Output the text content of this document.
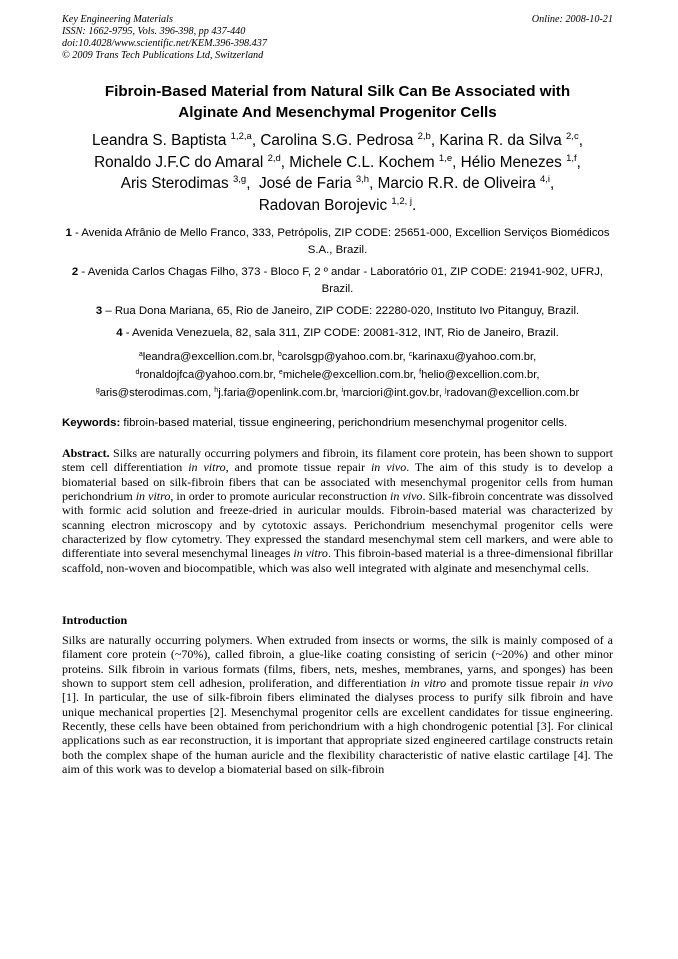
Key Engineering Materials
ISSN: 1662-9795, Vols. 396-398, pp 437-440
doi:10.4028/www.scientific.net/KEM.396-398.437
© 2009 Trans Tech Publications Ltd, Switzerland
Online: 2008-10-21
Fibroin-Based Material from Natural Silk Can Be Associated with
Alginate And Mesenchymal Progenitor Cells
Leandra S. Baptista $^{1,2,a}$, Carolina S.G. Pedrosa $^{2,b}$, Karina R. da Silva $^{2,c}$,
Ronaldo J.F.C do Amaral $^{2,d}$, Michele C.L. Kochem $^{1,e}$, Hélio Menezes $^{1,f}$,
Aris Sterodimas $^{3,g}$,  José de Faria $^{3,h}$, Marcio R.R. de Oliveira $^{4,i}$,
Radovan Borojevic $^{1,2, j}$.
1 - Avenida Afrânio de Mello Franco, 333, Petrópolis, ZIP CODE: 25651-000, Excellion Serviços Biomédicos S.A., Brazil.
2 - Avenida Carlos Chagas Filho, 373 - Bloco F, 2 º andar - Laboratório 01, ZIP CODE: 21941-902, UFRJ, Brazil.
3 – Rua Dona Mariana, 65, Rio de Janeiro, ZIP CODE: 22280-020, Instituto Ivo Pitanguy, Brazil.
4 - Avenida Venezuela, 82, sala 311, ZIP CODE: 20081-312, INT, Rio de Janeiro, Brazil.
$^a$leandra@excellion.com.br, $^b$carolsgp@yahoo.com.br, $^c$karinaxu@yahoo.com.br,
$^d$ronaldojfca@yahoo.com.br, $^e$michele@excellion.com.br, $^f$helio@excellion.com.br,
$^g$aris@sterodimas.com, $^h$j.faria@openlink.com.br, $^i$marciori@int.gov.br, $^j$radovan@excellion.com.br
Keywords: fibroin-based material, tissue engineering, perichondrium mesenchymal progenitor cells.
Abstract. Silks are naturally occurring polymers and fibroin, its filament core protein, has been shown to support stem cell differentiation in vitro, and promote tissue repair in vivo. The aim of this study is to develop a biomaterial based on silk-fibroin fibers that can be associated with mesenchymal progenitor cells from human perichondrium in vitro, in order to promote auricular reconstruction in vivo. Silk-fibroin concentrate was dissolved with formic acid solution and freeze-dried in auricular moulds. Fibroin-based material was characterized by scanning electron microscopy and by cytotoxic assays. Perichondrium mesenchymal progenitor cells were characterized by flow cytometry. They expressed the standard mesenchymal stem cell markers, and were able to differentiate into several mesenchymal lineages in vitro. This fibroin-based material is a three-dimensional fibrillar scaffold, non-woven and biocompatible, which was also well integrated with alginate and mesenchymal cells.
Introduction
Silks are naturally occurring polymers. When extruded from insects or worms, the silk is mainly composed of a filament core protein (~70%), called fibroin, a glue-like coating consisting of sericin (~20%) and other minor proteins. Silk fibroin in various formats (films, fibers, nets, meshes, membranes, yarns, and sponges) has been shown to support stem cell adhesion, proliferation, and differentiation in vitro and promote tissue repair in vivo [1]. In particular, the use of silk-fibroin fibers eliminated the dialyses process to purify silk fibroin and have unique mechanical properties [2]. Mesenchymal progenitor cells are excellent candidates for tissue engineering. Recently, these cells have been obtained from perichondrium with a high chondrogenic potential [3]. For clinical applications such as ear reconstruction, it is important that appropriate sized engineered cartilage constructs retain both the complex shape of the human auricle and the flexibility characteristic of native elastic cartilage [4]. The aim of this work was to develop a biomaterial based on silk-fibroin
